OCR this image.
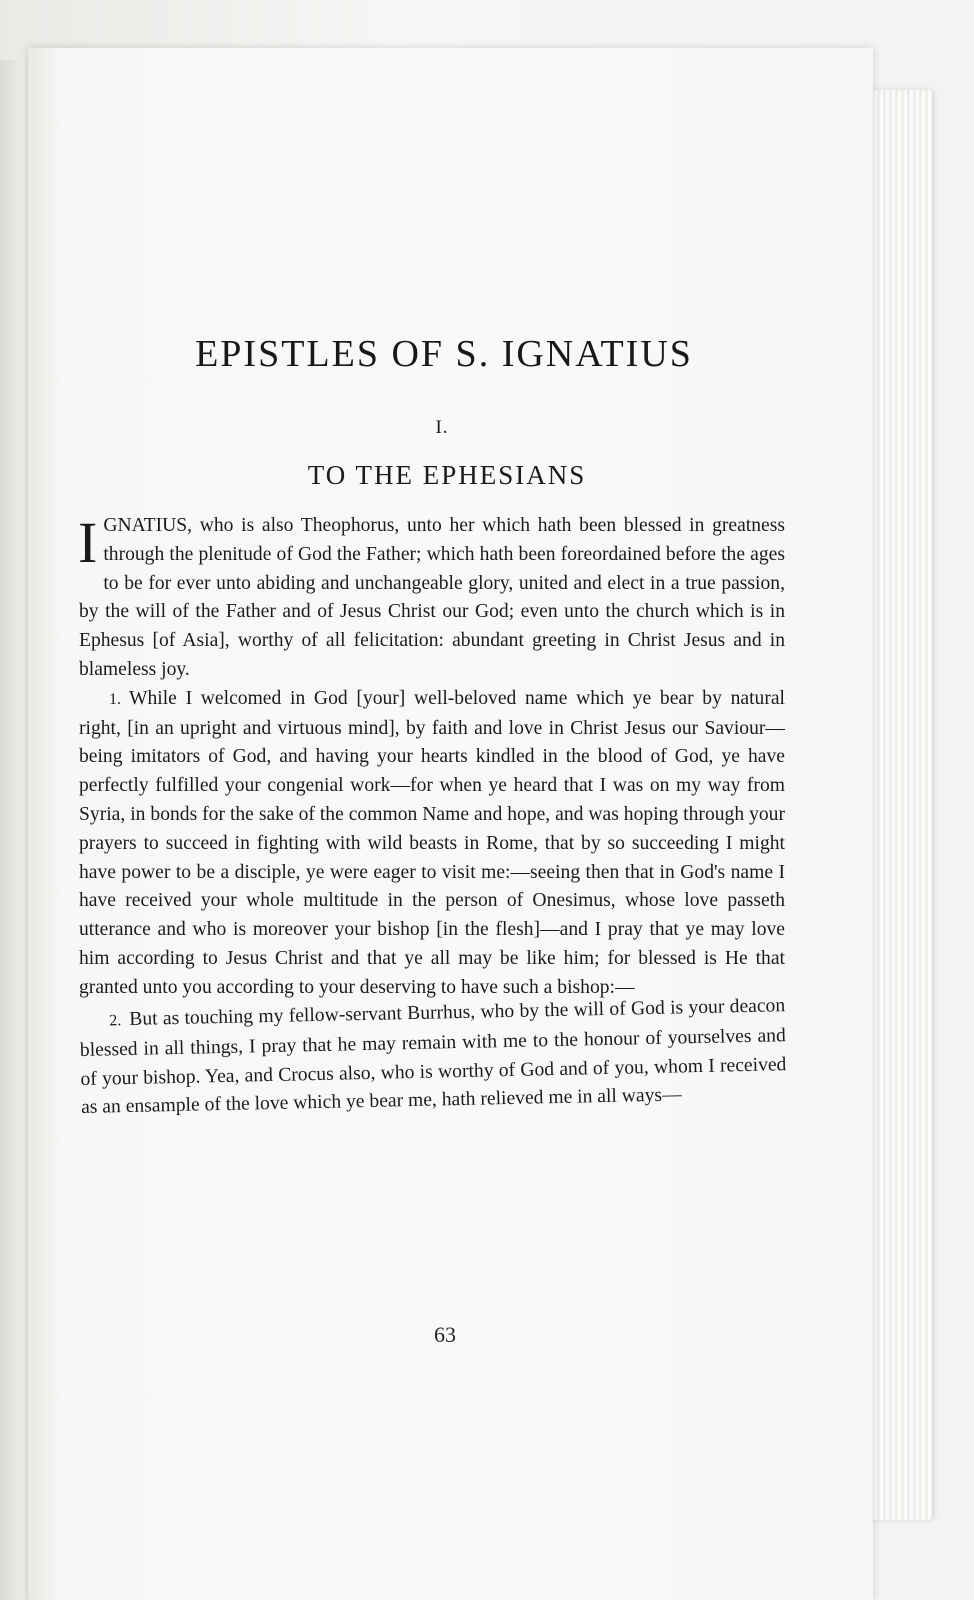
EPISTLES OF S. IGNATIUS
I.
TO THE EPHESIANS

IGNATIUS, who is also Theophorus, unto her which hath been blessed in greatness through the plenitude of God the Father; which hath been foreordained before the ages to be for ever unto abiding and unchangeable glory, united and elect in a true passion, by the will of the Father and of Jesus Christ our God; even unto the church which is in Ephesus [of Asia], worthy of all felicitation: abundant greeting in Christ Jesus and in blameless joy.

1. While I welcomed in God [your] well-beloved name which ye bear by natural right, [in an upright and virtuous mind], by faith and love in Christ Jesus our Saviour—being imitators of God, and having your hearts kindled in the blood of God, ye have perfectly fulfilled your congenial work—for when ye heard that I was on my way from Syria, in bonds for the sake of the common Name and hope, and was hoping through your prayers to succeed in fighting with wild beasts in Rome, that by so succeeding I might have power to be a disciple, ye were eager to visit me:—seeing then that in God's name I have received your whole multitude in the person of Onesimus, whose love passeth utterance and who is moreover your bishop [in the flesh]—and I pray that ye may love him according to Jesus Christ and that ye all may be like him; for blessed is He that granted unto you according to your deserving to have such a bishop:—

2. But as touching my fellow-servant Burrhus, who by the will of God is your deacon blessed in all things, I pray that he may remain with me to the honour of yourselves and of your bishop. Yea, and Crocus also, who is worthy of God and of you, whom I received as an ensample of the love which ye bear me, hath relieved me in all ways—

63
